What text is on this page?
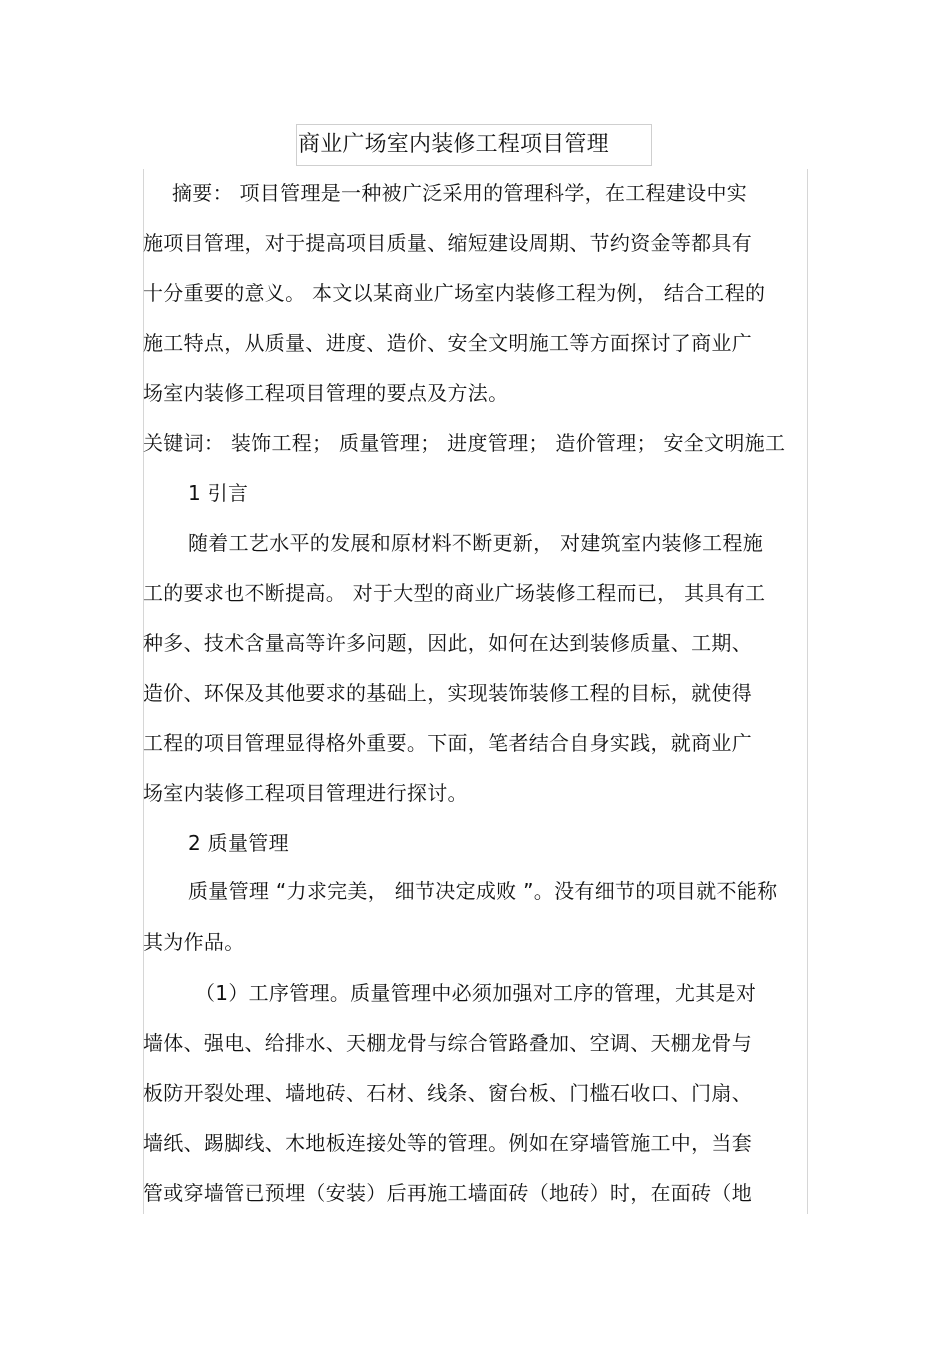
商业广场室内装修工程项目管理
摘要： 项目管理是一种被广泛采用的管理科学，在工程建设中实
施项目管理，对于提高项目质量、缩短建设周期、节约资金等都具有
十分重要的意义。 本文以某商业广场室内装修工程为例， 结合工程的
施工特点，从质量、进度、造价、安全文明施工等方面探讨了商业广
场室内装修工程项目管理的要点及方法。
关键词： 装饰工程； 质量管理； 进度管理； 造价管理； 安全文明施工
1 引言
随着工艺水平的发展和原材料不断更新， 对建筑室内装修工程施
工的要求也不断提高。 对于大型的商业广场装修工程而已， 其具有工
种多、技术含量高等许多问题，因此，如何在达到装修质量、工期、
造价、环保及其他要求的基础上，实现装饰装修工程的目标，就使得
工程的项目管理显得格外重要。下面，笔者结合自身实践，就商业广
场室内装修工程项目管理进行探讨。
2 质量管理
质量管理 “力求完美， 细节决定成败 ”。没有细节的项目就不能称
其为作品。
（1）工序管理。质量管理中必须加强对工序的管理，尤其是对
墙体、强电、给排水、天棚龙骨与综合管路叠加、空调、天棚龙骨与
板防开裂处理、墙地砖、石材、线条、窗台板、门槛石收口、门扇、
墙纸、踢脚线、木地板连接处等的管理。例如在穿墙管施工中，当套
管或穿墙管已预埋（安装）后再施工墙面砖（地砖）时，在面砖（地
